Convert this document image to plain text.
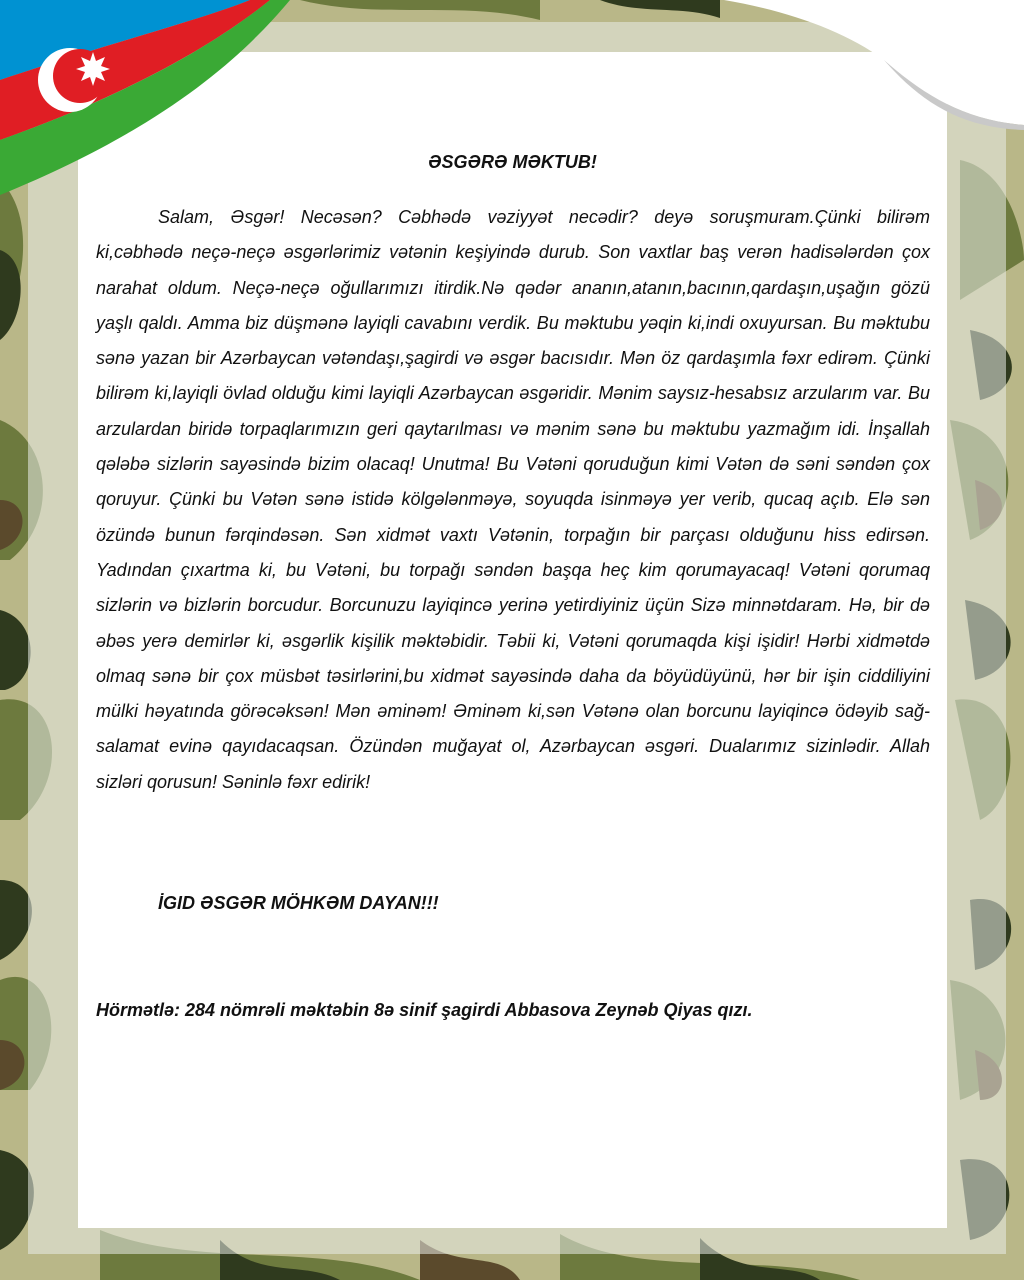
ƏSGƏRƏ MƏKTUB!

Salam, Əsgər! Necəsən? Cəbhədə vəziyyət necədir? deyə soruşmuram.Çünki bilirəm ki,cəbhədə neçə-neçə əsgərlərimiz vətənin keşiyində durub. Son vaxtlar baş verən hadisələrdən çox narahat oldum. Neçə-neçə oğullarımızı itirdik.Nə qədər ananın,atanın,bacının,qardaşın,uşağın gözü yaşlı qaldı. Amma biz düşmənə layiqli cavabını verdik. Bu məktubu yəqin ki,indi oxuyursan. Bu məktubu sənə yazan bir Azərbaycan vətəndaşı,şagirdi və əsgər bacısıdır. Mən öz qardaşımla fəxr edirəm. Çünki bilirəm ki,layiqli övlad olduğu kimi layiqli Azərbaycan əsgəridir. Mənim saysız-hesabsız arzularım var. Bu arzulardan biridə torpaqlarımızın geri qaytarılması və mənim sənə bu məktubu yazmağım idi. İnşallah qələbə sizlərin sayəsində bizim olacaq! Unutma! Bu Vətəni qoruduğun kimi Vətən də səni səndən çox qoruyur. Çünki bu Vətən sənə istidə kölgələnməyə, soyuqda isinməyə yer verib, qucaq açıb. Elə sən özündə bunun fərqindəsən. Sən xidmət vaxtı Vətənin, torpağın bir parçası olduğunu hiss edirsən. Yadından çıxartma ki, bu Vətəni, bu torpağı səndən başqa heç kim qorumayacaq! Vətəni qorumaq sizlərin və bizlərin borcudur. Borcunuzu layiqincə yerinə yetirdiyiniz üçün Sizə minnətdaram. Hə, bir də əbəs yerə demirlər ki, əsgərlik kişilik məktəbidir. Təbii ki, Vətəni qorumaqda kişi işidir! Hərbi xidmətdə olmaq sənə bir çox müsbət təsirlərini,bu xidmət sayəsində daha da böyüdüyünü, hər bir işin ciddiliyini mülki həyatında görəcəksən! Mən əminəm! Əminəm ki,sən Vətənə olan borcunu layiqincə ödəyib sağ-salamat evinə qayıdacaqsan. Özündən muğayat ol, Azərbaycan əsgəri. Dualarımız sizinlədir. Allah sizləri qorusun! Səninlə fəxr edirik!

İGID ƏSGƏR MÖHKƏM DAYAN!!!
Hörmətlə: 284 nömrəli məktəbin 8ə sinif şagirdi Abbasova Zeynəb Qiyas qızı.
